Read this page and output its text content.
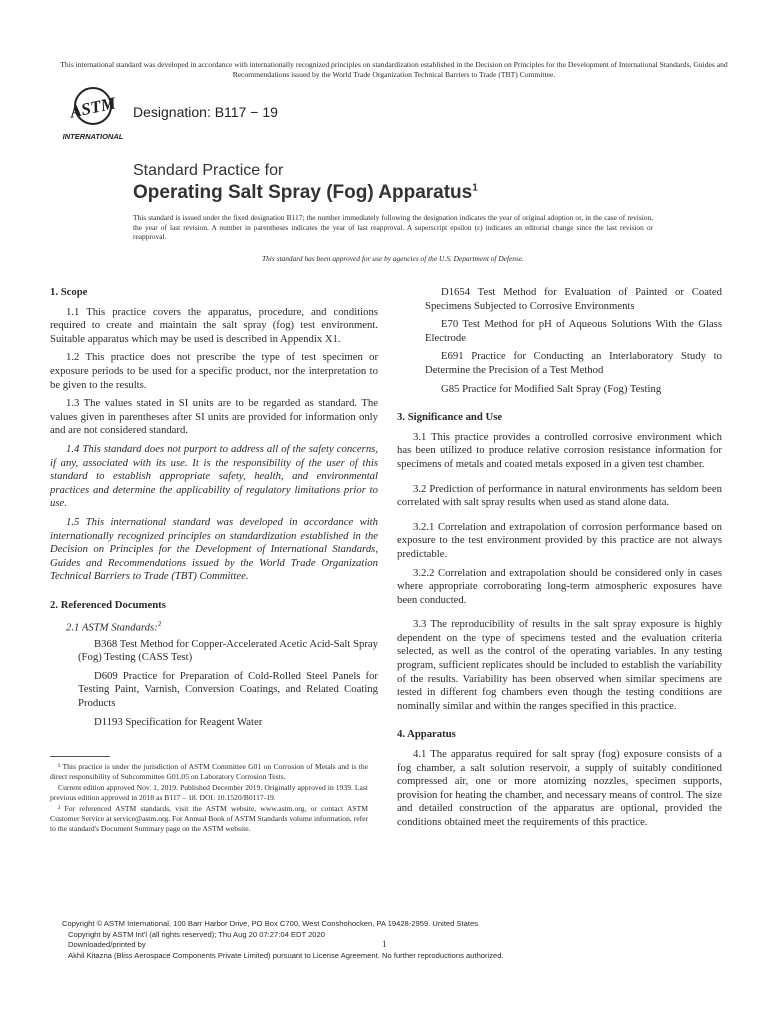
This international standard was developed in accordance with internationally recognized principles on standardization established in the Decision on Principles for the Development of International Standards, Guides and Recommendations issued by the World Trade Organization Technical Barriers to Trade (TBT) Committee.
ASTM
INTERNATIONAL
Designation: B117 − 19
Standard Practice for
Operating Salt Spray (Fog) Apparatus$^1$
This standard is issued under the fixed designation B117; the number immediately following the designation indicates the year of original adoption or, in the case of revision, the year of last revision. A number in parentheses indicates the year of last reapproval. A superscript epsilon (ε) indicates an editorial change since the last revision or reapproval.
This standard has been approved for use by agencies of the U.S. Department of Defense.
1. Scope

1.1 This practice covers the apparatus, procedure, and conditions required to create and maintain the salt spray (fog) test environment. Suitable apparatus which may be used is described in Appendix X1.

1.2 This practice does not prescribe the type of test specimen or exposure periods to be used for a specific product, nor the interpretation to be given to the results.

1.3 The values stated in SI units are to be regarded as standard. The values given in parentheses after SI units are provided for information only and are not considered standard.

1.4 This standard does not purport to address all of the safety concerns, if any, associated with its use. It is the responsibility of the user of this standard to establish appropriate safety, health, and environmental practices and determine the applicability of regulatory limitations prior to use.

1.5 This international standard was developed in accordance with internationally recognized principles on standardization established in the Decision on Principles for the Development of International Standards, Guides and Recommendations issued by the World Trade Organization Technical Barriers to Trade (TBT) Committee.

2. Referenced Documents

2.1 ASTM Standards:$^2$

B368 Test Method for Copper-Accelerated Acetic Acid-Salt Spray (Fog) Testing (CASS Test)

D609 Practice for Preparation of Cold-Rolled Steel Panels for Testing Paint, Varnish, Conversion Coatings, and Related Coating Products

D1193 Specification for Reagent Water

D1654 Test Method for Evaluation of Painted or Coated Specimens Subjected to Corrosive Environments

E70 Test Method for pH of Aqueous Solutions With the Glass Electrode

E691 Practice for Conducting an Interlaboratory Study to Determine the Precision of a Test Method

G85 Practice for Modified Salt Spray (Fog) Testing

3. Significance and Use

3.1 This practice provides a controlled corrosive environment which has been utilized to produce relative corrosion resistance information for specimens of metals and coated metals exposed in a given test chamber.

3.2 Prediction of performance in natural environments has seldom been correlated with salt spray results when used as stand alone data.

3.2.1 Correlation and extrapolation of corrosion performance based on exposure to the test environment provided by this practice are not always predictable.

3.2.2 Correlation and extrapolation should be considered only in cases where appropriate corroborating long-term atmospheric exposures have been conducted.

3.3 The reproducibility of results in the salt spray exposure is highly dependent on the type of specimens tested and the evaluation criteria selected, as well as the control of the operating variables. In any testing program, sufficient replicates should be included to establish the variability of the results. Variability has been observed when similar specimens are tested in different fog chambers even though the testing conditions are nominally similar and within the ranges specified in this practice.

4. Apparatus

4.1 The apparatus required for salt spray (fog) exposure consists of a fog chamber, a salt solution reservoir, a supply of suitably conditioned compressed air, one or more atomizing nozzles, specimen supports, provision for heating the chamber, and necessary means of control. The size and detailed construction of the apparatus are optional, provided the conditions obtained meet the requirements of this practice.

¹ This practice is under the jurisdiction of ASTM Committee G01 on Corrosion of Metals and is the direct responsibility of Subcommittee G01.05 on Laboratory Corrosion Tests.

Current edition approved Nov. 1, 2019. Published December 2019. Originally approved in 1939. Last previous edition approved in 2018 as B117 – 18. DOI: 10.1520/B0117-19.

² For referenced ASTM standards, visit the ASTM website, www.astm.org, or contact ASTM Customer Service at service@astm.org. For Annual Book of ASTM Standards volume information, refer to the standard's Document Summary page on the ASTM website.

Copyright © ASTM International, 100 Barr Harbor Drive, PO Box C700, West Conshohocken, PA 19428-2959. United States
Copyright by ASTM Int'l (all rights reserved); Thu Aug 20 07:27:04 EDT 2020
Downloaded/printed by
Akhil Kitazna (Bliss Aerospace Components Private Limited) pursuant to License Agreement. No further reproductions authorized.
1
